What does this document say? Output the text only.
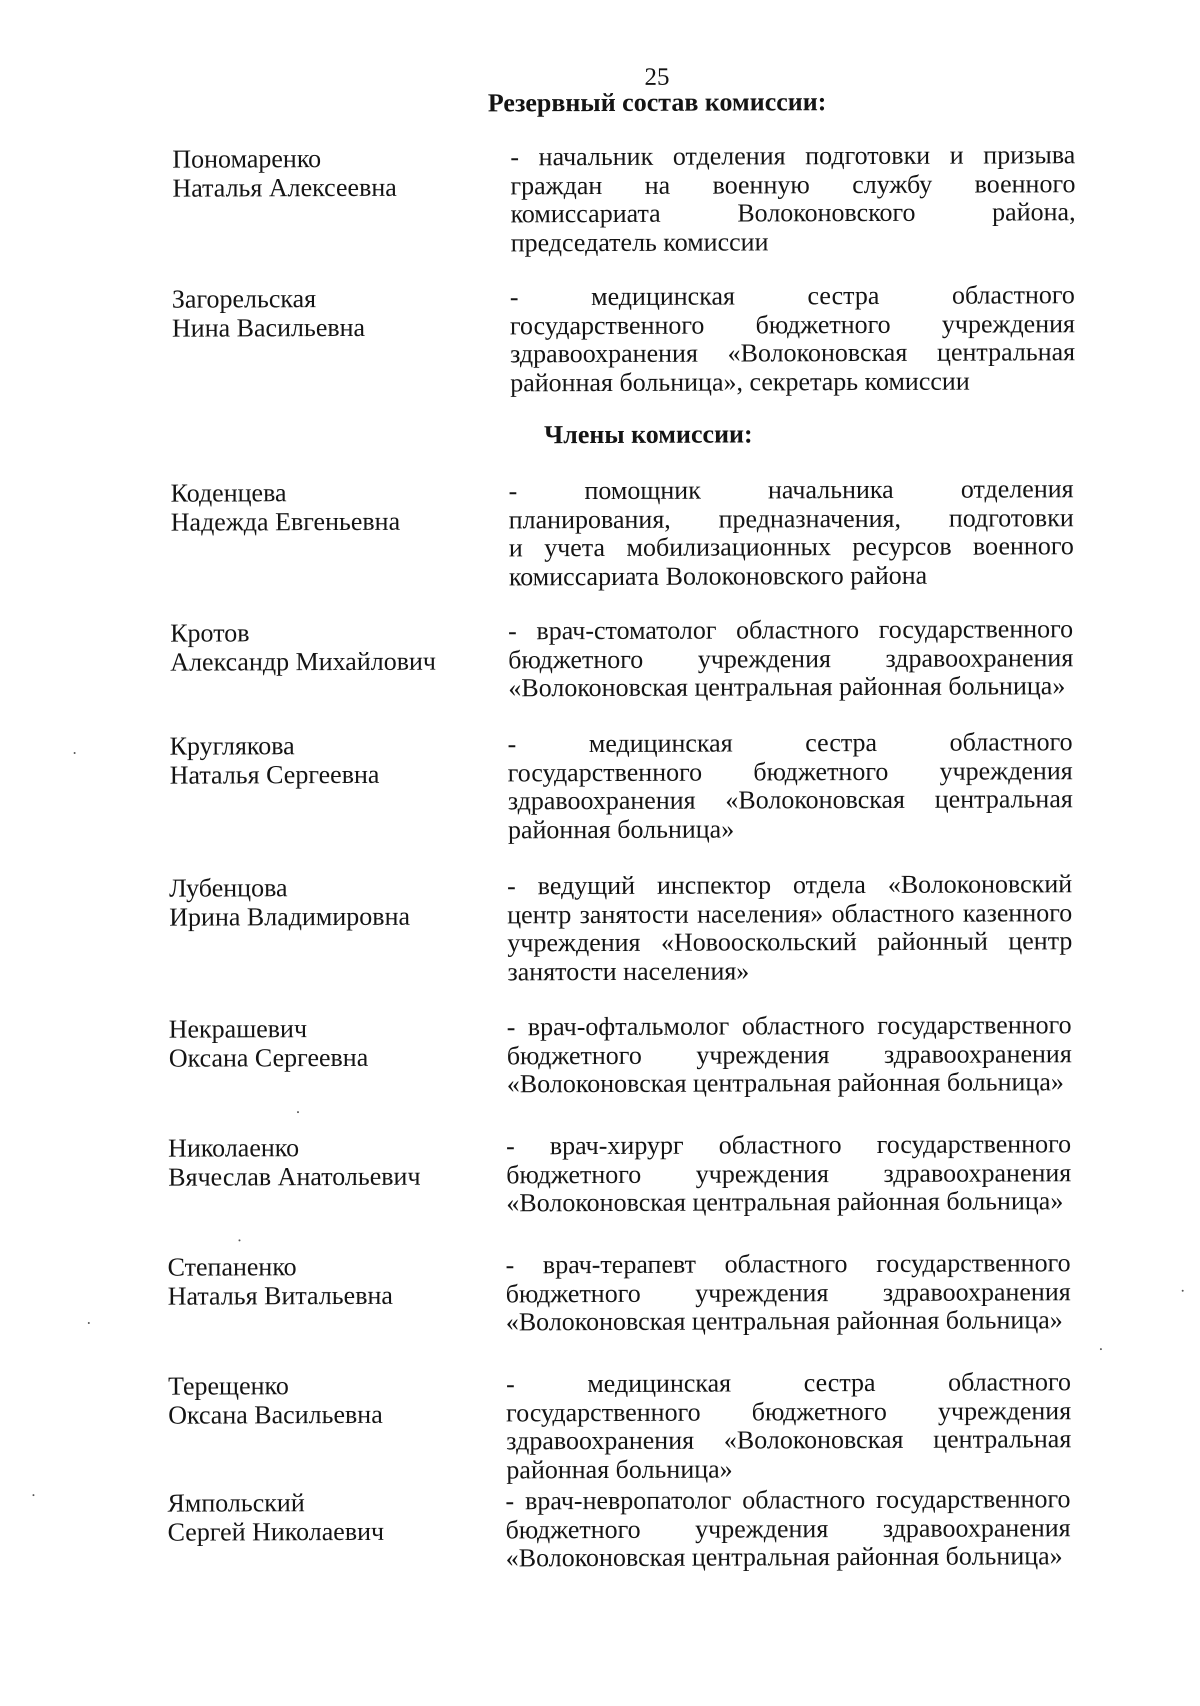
25
Резервный состав комиссии:
Члены комиссии:
Пономаренко
Наталья Алексеевна
- начальник отделения подготовки и призыва
граждан на военную службу военного
комиссариата Волоконовского района,
председатель комиссии
Загорельская
Нина Васильевна
- медицинская сестра областного
государственного бюджетного учреждения
здравоохранения «Волоконовская центральная
районная больница», секретарь комиссии
Коденцева
Надежда Евгеньевна
- помощник начальника отделения
планирования, предназначения, подготовки
и учета мобилизационных ресурсов военного
комиссариата Волоконовского района
Кротов
Александр Михайлович
- врач-стоматолог областного государственного
бюджетного учреждения здравоохранения
«Волоконовская центральная районная больница»
Круглякова
Наталья Сергеевна
- медицинская сестра областного
государственного бюджетного учреждения
здравоохранения «Волоконовская центральная
районная больница»
Лубенцова
Ирина Владимировна
- ведущий инспектор отдела «Волоконовский
центр занятости населения» областного казенного
учреждения «Новооскольский районный центр
занятости населения»
Некрашевич
Оксана Сергеевна
- врач-офтальмолог областного государственного
бюджетного учреждения здравоохранения
«Волоконовская центральная районная больница»
Николаенко
Вячеслав Анатольевич
- врач-хирург областного государственного
бюджетного учреждения здравоохранения
«Волоконовская центральная районная больница»
Степаненко
Наталья Витальевна
- врач-терапевт областного государственного
бюджетного учреждения здравоохранения
«Волоконовская центральная районная больница»
Терещенко
Оксана Васильевна
- медицинская сестра областного
государственного бюджетного учреждения
здравоохранения «Волоконовская центральная
районная больница»
Ямпольский
Сергей Николаевич
- врач-невропатолог областного государственного
бюджетного учреждения здравоохранения
«Волоконовская центральная районная больница»
